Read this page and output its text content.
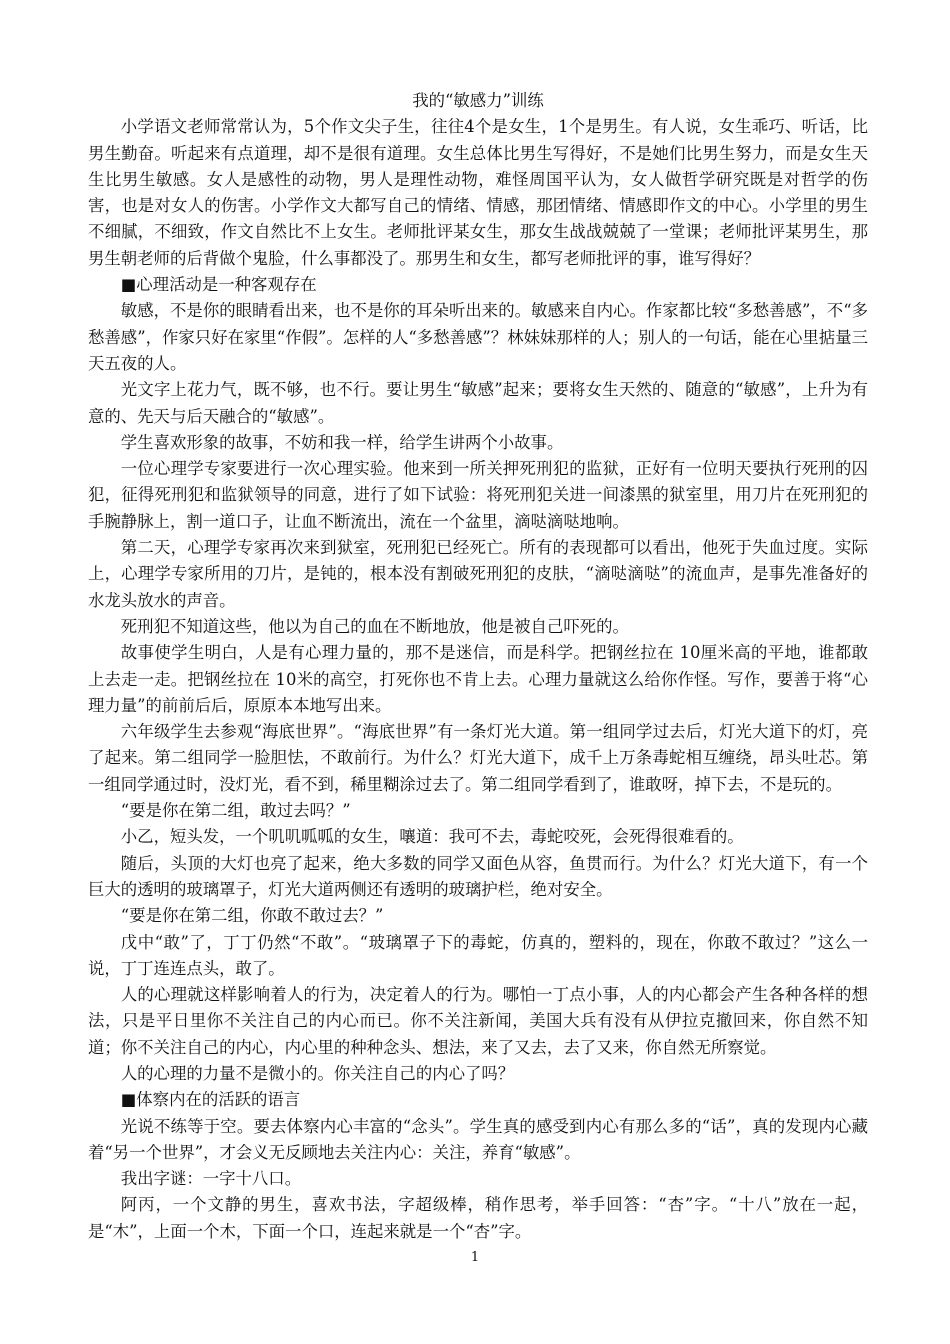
我的“敏感力”训练
小学语文老师常常认为，5个作文尖子生，往往4个是女生，1个是男生。有人说，女生乖巧、听话，比男生勤奋。听起来有点道理，却不是很有道理。女生总体比男生写得好，不是她们比男生努力，而是女生天生比男生敏感。女人是感性的动物，男人是理性动物，难怪周国平认为，女人做哲学研究既是对哲学的伤害，也是对女人的伤害。小学作文大都写自己的情绪、情感，那团情绪、情感即作文的中心。小学里的男生不细腻，不细致，作文自然比不上女生。老师批评某女生，那女生战战兢兢了一堂课；老师批评某男生，那男生朝老师的后背做个鬼脸，什么事都没了。那男生和女生，都写老师批评的事，谁写得好？
■心理活动是一种客观存在
敏感，不是你的眼睛看出来，也不是你的耳朵听出来的。敏感来自内心。作家都比较“多愁善感”，不“多愁善感”，作家只好在家里“作假”。怎样的人“多愁善感”？林妹妹那样的人；别人的一句话，能在心里掂量三天五夜的人。
光文字上花力气，既不够，也不行。要让男生“敏感”起来；要将女生天然的、随意的“敏感”，上升为有意的、先天与后天融合的“敏感”。
学生喜欢形象的故事，不妨和我一样，给学生讲两个小故事。
一位心理学专家要进行一次心理实验。他来到一所关押死刑犯的监狱，正好有一位明天要执行死刑的囚犯，征得死刑犯和监狱领导的同意，进行了如下试验：将死刑犯关进一间漆黑的狱室里，用刀片在死刑犯的手腕静脉上，割一道口子，让血不断流出，流在一个盆里，滴哒滴哒地响。
第二天，心理学专家再次来到狱室，死刑犯已经死亡。所有的表现都可以看出，他死于失血过度。实际上，心理学专家所用的刀片，是钝的，根本没有割破死刑犯的皮肤，“滴哒滴哒”的流血声，是事先准备好的水龙头放水的声音。
死刑犯不知道这些，他以为自己的血在不断地放，他是被自己吓死的。
故事使学生明白，人是有心理力量的，那不是迷信，而是科学。把钢丝拉在 10厘米高的平地，谁都敢上去走一走。把钢丝拉在 10米的高空，打死你也不肯上去。心理力量就这么给你作怪。写作，要善于将“心理力量”的前前后后，原原本本地写出来。
六年级学生去参观“海底世界”。“海底世界”有一条灯光大道。第一组同学过去后，灯光大道下的灯，亮了起来。第二组同学一脸胆怯，不敢前行。为什么？灯光大道下，成千上万条毒蛇相互缠绕，昂头吐芯。第一组同学通过时，没灯光，看不到，稀里糊涂过去了。第二组同学看到了，谁敢呀，掉下去，不是玩的。
“要是你在第二组，敢过去吗？”
小乙，短头发，一个叽叽呱呱的女生，嚷道：我可不去，毒蛇咬死，会死得很难看的。
随后，头顶的大灯也亮了起来，绝大多数的同学又面色从容，鱼贯而行。为什么？灯光大道下，有一个巨大的透明的玻璃罩子，灯光大道两侧还有透明的玻璃护栏，绝对安全。
“要是你在第二组，你敢不敢过去？”
戊中“敢”了，丁丁仍然“不敢”。“玻璃罩子下的毒蛇，仿真的，塑料的，现在，你敢不敢过？”这么一说，丁丁连连点头，敢了。
人的心理就这样影响着人的行为，决定着人的行为。哪怕一丁点小事，人的内心都会产生各种各样的想法，只是平日里你不关注自己的内心而已。你不关注新闻，美国大兵有没有从伊拉克撤回来，你自然不知道；你不关注自己的内心，内心里的种种念头、想法，来了又去，去了又来，你自然无所察觉。
人的心理的力量不是微小的。你关注自己的内心了吗？
■体察内在的活跃的语言
光说不练等于空。要去体察内心丰富的“念头”。学生真的感受到内心有那么多的“话”，真的发现内心藏着“另一个世界”，才会义无反顾地去关注内心：关注，养育“敏感”。
我出字谜：一字十八口。
阿丙，一个文静的男生，喜欢书法，字超级棒，稍作思考，举手回答：“杏”字。“十八”放在一起，是“木”，上面一个木，下面一个口，连起来就是一个“杏”字。
1
